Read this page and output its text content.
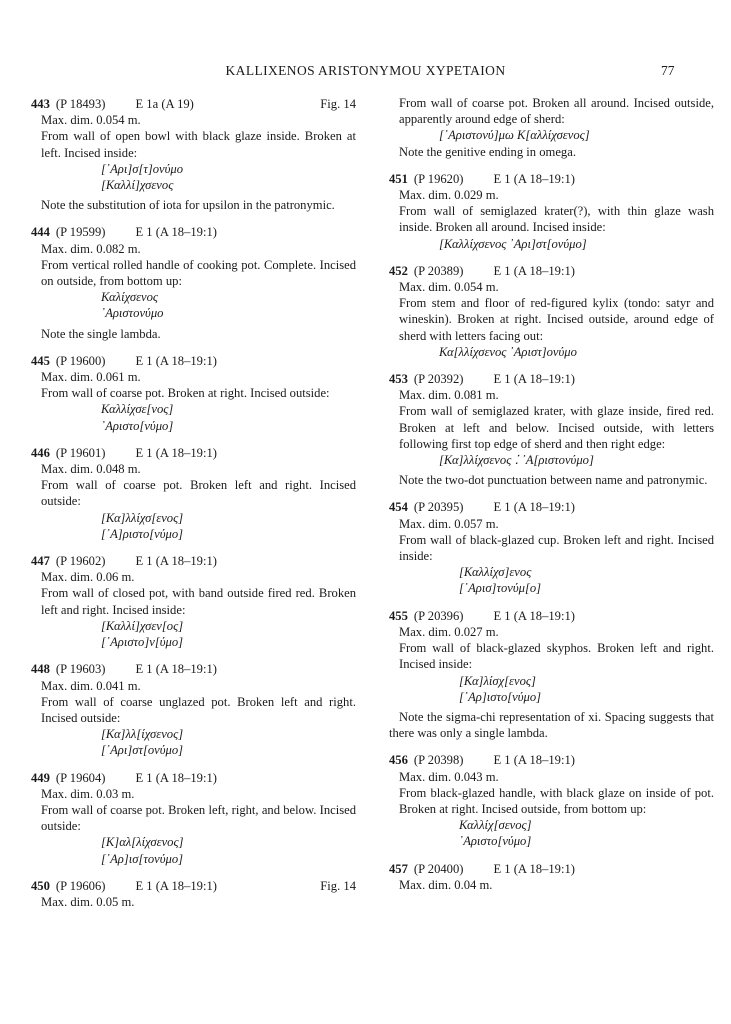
KALLIXENOS ARISTONYMOU XYPETAION	77
443 (P 18493) E 1a (A 19)	Fig. 14

Max. dim. 0.054 m.

From wall of open bowl with black glaze inside. Broken at left. Incised inside:

[᾿Αρι]σ[τ]ονύμο
[Καλλί]χσενος

Note the substitution of iota for upsilon in the patronymic.

444 (P 19599) E 1 (A 18–19:1)

Max. dim. 0.082 m.

From vertical rolled handle of cooking pot. Complete. Incised on outside, from bottom up:

Καλίχσενος
᾿Αριστονύμο

Note the single lambda.

445 (P 19600) E 1 (A 18–19:1)

Max. dim. 0.061 m.

From wall of coarse pot. Broken at right. Incised outside:

Καλλίχσε[νος]
᾿Αριστο[νύμο]
446 (P 19601) E 1 (A 18–19:1)

Max. dim. 0.048 m.

From wall of coarse pot. Broken left and right. Incised outside:

[Κα]λλίχσ[ενος]
[᾿Α]ριστο[νύμο]
447 (P 19602) E 1 (A 18–19:1)

Max. dim. 0.06 m.

From wall of closed pot, with band outside fired red. Broken left and right. Incised inside:

[Καλλί]χσεν[ος]
[᾿Αριστο]ν[ύμο]
448 (P 19603) E 1 (A 18–19:1)

Max. dim. 0.041 m.

From wall of coarse unglazed pot. Broken left and right. Incised outside:

[Κα]λλ[ίχσενος]
[᾿Αρι]στ[ονύμο]
449 (P 19604) E 1 (A 18–19:1)

Max. dim. 0.03 m.

From wall of coarse pot. Broken left, right, and below. Incised outside:

[Κ]αλ[λίχσενος]
[᾿Αρ]ισ[τονύμο]
450 (P 19606) E 1 (A 18–19:1)	Fig. 14

Max. dim. 0.05 m.

From wall of coarse pot. Broken all around. Incised outside, apparently around edge of sherd:

[᾿Αριστονύ]μω Κ[αλλίχσενος]

Note the genitive ending in omega.

451 (P 19620) E 1 (A 18–19:1)

Max. dim. 0.029 m.

From wall of semiglazed krater(?), with thin glaze wash inside. Broken all around. Incised inside:

[Καλλίχσενος ᾿Αρι]στ[ονύμο]
452 (P 20389) E 1 (A 18–19:1)

Max. dim. 0.054 m.

From stem and floor of red-figured kylix (tondo: satyr and wineskin). Broken at right. Incised outside, around edge of sherd with letters facing out:

Κα[λλίχσενος ᾿Αριστ]ονύμο
453 (P 20392) E 1 (A 18–19:1)

Max. dim. 0.081 m.

From wall of semiglazed krater, with glaze inside, fired red. Broken at left and below. Incised outside, with letters following first top edge of sherd and then right edge:

[Κα]λλίχσενος ⁚ ᾿Α[ριστονύμο]

Note the two-dot punctuation between name and patronymic.

454 (P 20395) E 1 (A 18–19:1)

Max. dim. 0.057 m.

From wall of black-glazed cup. Broken left and right. Incised inside:

[Καλλίχσ]ενος
[᾿Αρισ]τονύμ[ο]
455 (P 20396) E 1 (A 18–19:1)

Max. dim. 0.027 m.

From wall of black-glazed skyphos. Broken left and right. Incised inside:

[Κα]λίσχ[ενος]
[᾿Αρ]ιστο[νύμο]

Note the sigma-chi representation of xi. Spacing suggests that there was only a single lambda.

456 (P 20398) E 1 (A 18–19:1)

Max. dim. 0.043 m.

From black-glazed handle, with black glaze on inside of pot. Broken at right. Incised outside, from bottom up:

Καλλίχ[σενος]
᾿Αριστο[νύμο]
457 (P 20400) E 1 (A 18–19:1)

Max. dim. 0.04 m.
